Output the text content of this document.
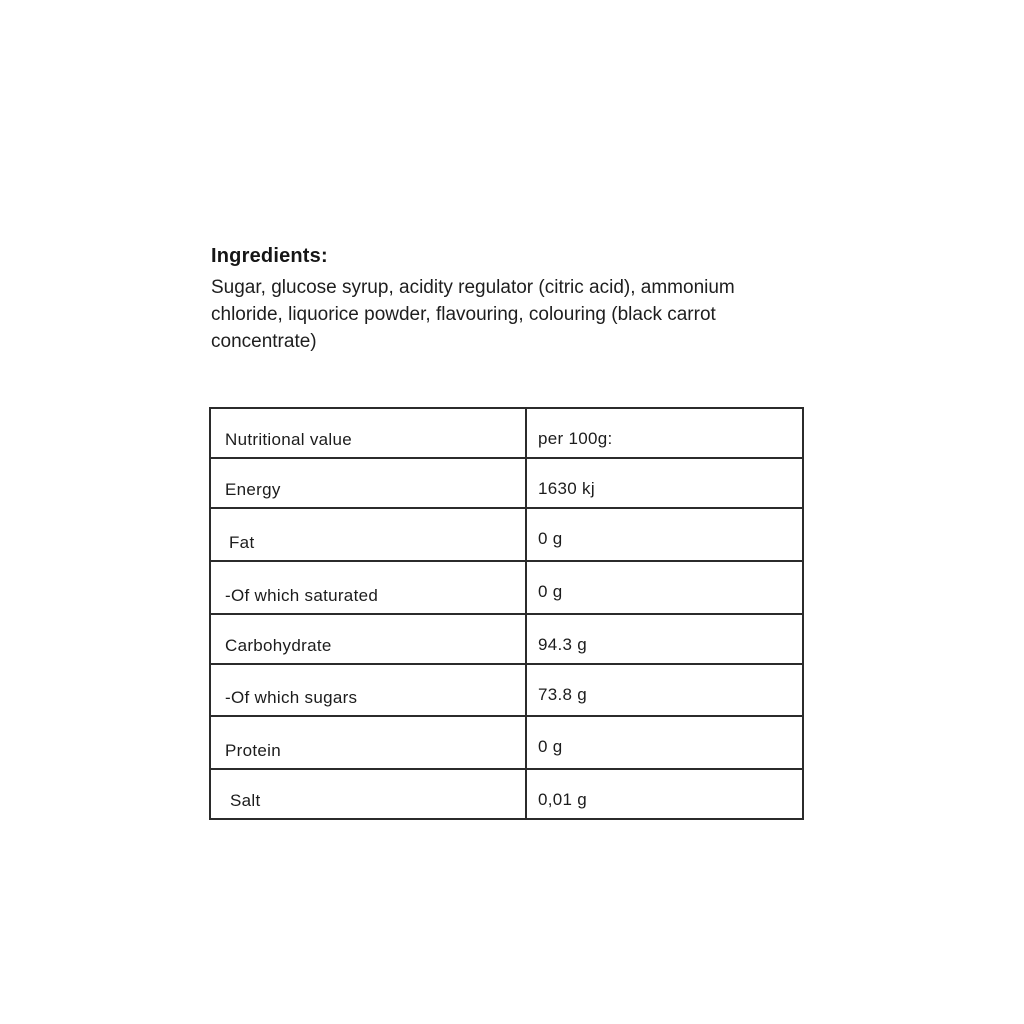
Ingredients:
Sugar, glucose syrup, acidity regulator (citric acid), ammonium
chloride, liquorice powder, flavouring, colouring (black carrot
concentrate)
Nutritional value	per 100g:
Energy	1630 kj
Fat	0 g
-Of which saturated	0 g
Carbohydrate	94.3 g
-Of which sugars	73.8 g
Protein	0 g
Salt	0,01 g
